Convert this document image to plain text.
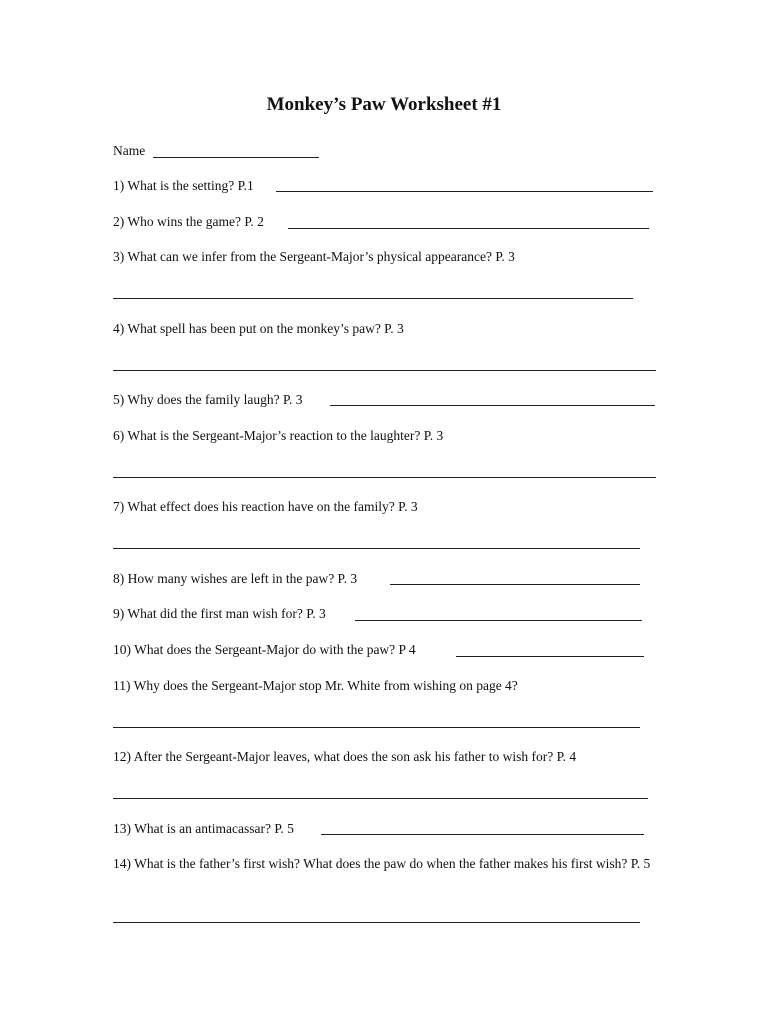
Monkey’s Paw Worksheet #1
Name
1) What is the setting? P.1
2) Who wins the game? P. 2
3) What can we infer from the Sergeant-Major’s physical appearance? P. 3
4) What spell has been put on the monkey’s paw? P. 3
5) Why does the family laugh? P. 3
6) What is the Sergeant-Major’s reaction to the laughter? P. 3
7) What effect does his reaction have on the family? P. 3
8) How many wishes are left in the paw? P. 3
9) What did the first man wish for? P. 3
10) What does the Sergeant-Major do with the paw? P 4
11) Why does the Sergeant-Major stop Mr. White from wishing on page 4?
12) After the Sergeant-Major leaves, what does the son ask his father to wish for? P. 4
13) What is an antimacassar? P. 5
14) What is the father’s first wish? What does the paw do when the father makes his first wish? P. 5
